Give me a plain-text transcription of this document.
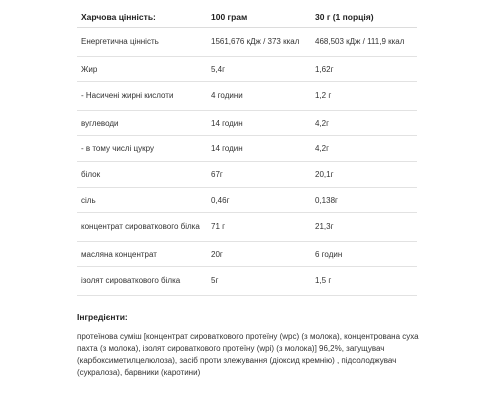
Харчова цінність:	100 грам	30 г (1 порція)
Енергетична цінність	1561,676 кДж / 373 ккал	468,503 кДж / 111,9 ккал
Жир	5,4г	1,62г
- Насичені жирні кислоти	4 години	1,2 г
вуглеводи	14 годин	4,2г
- в тому числі цукру	14 годин	4,2г
білок	67г	20,1г
сіль	0,46г	0,138г
концентрат сироваткового білка	71 г	21,3г
масляна концентрат	20г	6 годин
ізолят сироваткового білка	5г	1,5 г

Інгредієнти:

протеїнова суміш [концентрат сироваткового протеїну (wpc) (з молока), концентрована суха пахта (з молока), ізолят сироваткового протеїну (wpi) (з молока)] 96,2%, загущувач (карбоксиметилцелюлоза), засіб проти злежування (діоксид кремнію) , підсолоджувач (сукралоза), барвники (каротини)
